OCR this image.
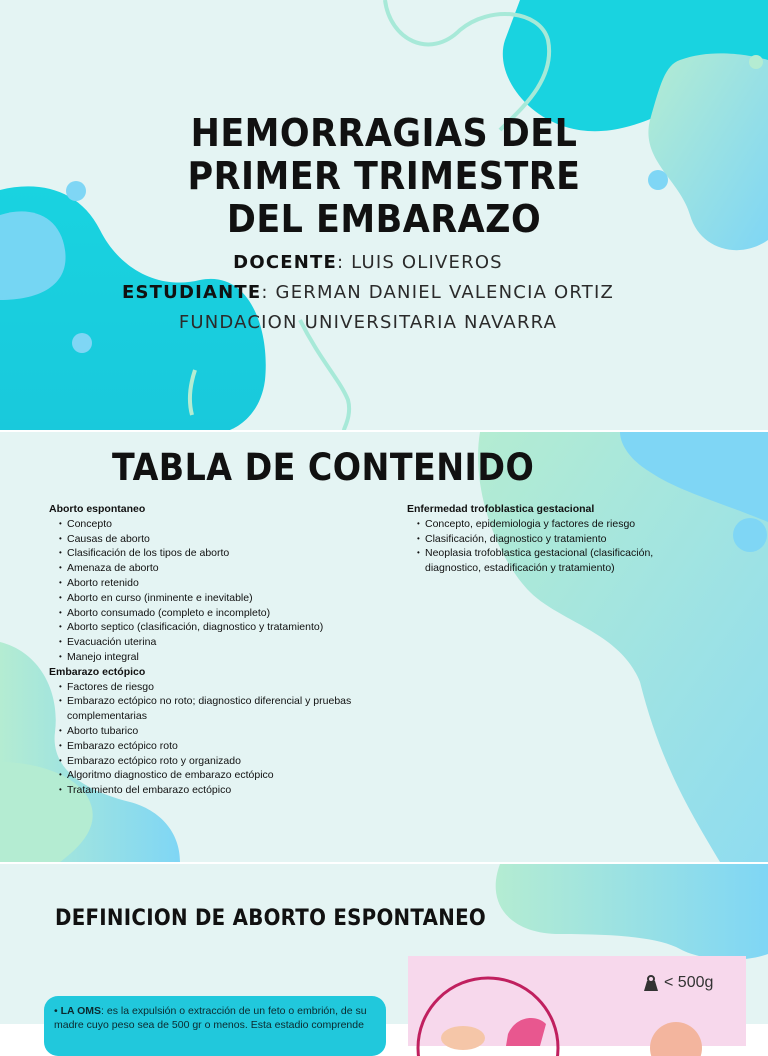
HEMORRAGIAS DEL
PRIMER TRIMESTRE
DEL EMBARAZO
DOCENTE: LUIS OLIVEROS
ESTUDIANTE: GERMAN DANIEL VALENCIA ORTIZ
FUNDACION UNIVERSITARIA NAVARRA
TABLA DE CONTENIDO
Aborto espontaneo
• Concepto
• Causas de aborto
• Clasificación de los tipos de aborto
• Amenaza de aborto
• Aborto retenido
• Aborto en curso (inminente e inevitable)
• Aborto consumado (completo e incompleto)
• Aborto septico (clasificación, diagnostico y tratamiento)
• Evacuación uterina
• Manejo integral
Embarazo ectópico
• Factores de riesgo
• Embarazo ectópico no roto; diagnostico diferencial y pruebas complementarias
• Aborto tubarico
• Embarazo ectópico roto
• Embarazo ectópico roto y organizado
• Algoritmo diagnostico de embarazo ectópico
• Tratamiento del embarazo ectópico
Enfermedad trofoblastica gestacional
• Concepto, epidemiologia y factores de riesgo
• Clasificación, diagnostico y tratamiento
• Neoplasia trofoblastica gestacional (clasificación, diagnostico, estadificación y tratamiento)
DEFINICION DE ABORTO ESPONTANEO
< 500g
• LA OMS: es la expulsión o extracción de un feto o embrión, de su madre cuyo peso sea de 500 gr o menos. Esta estadio comprende
